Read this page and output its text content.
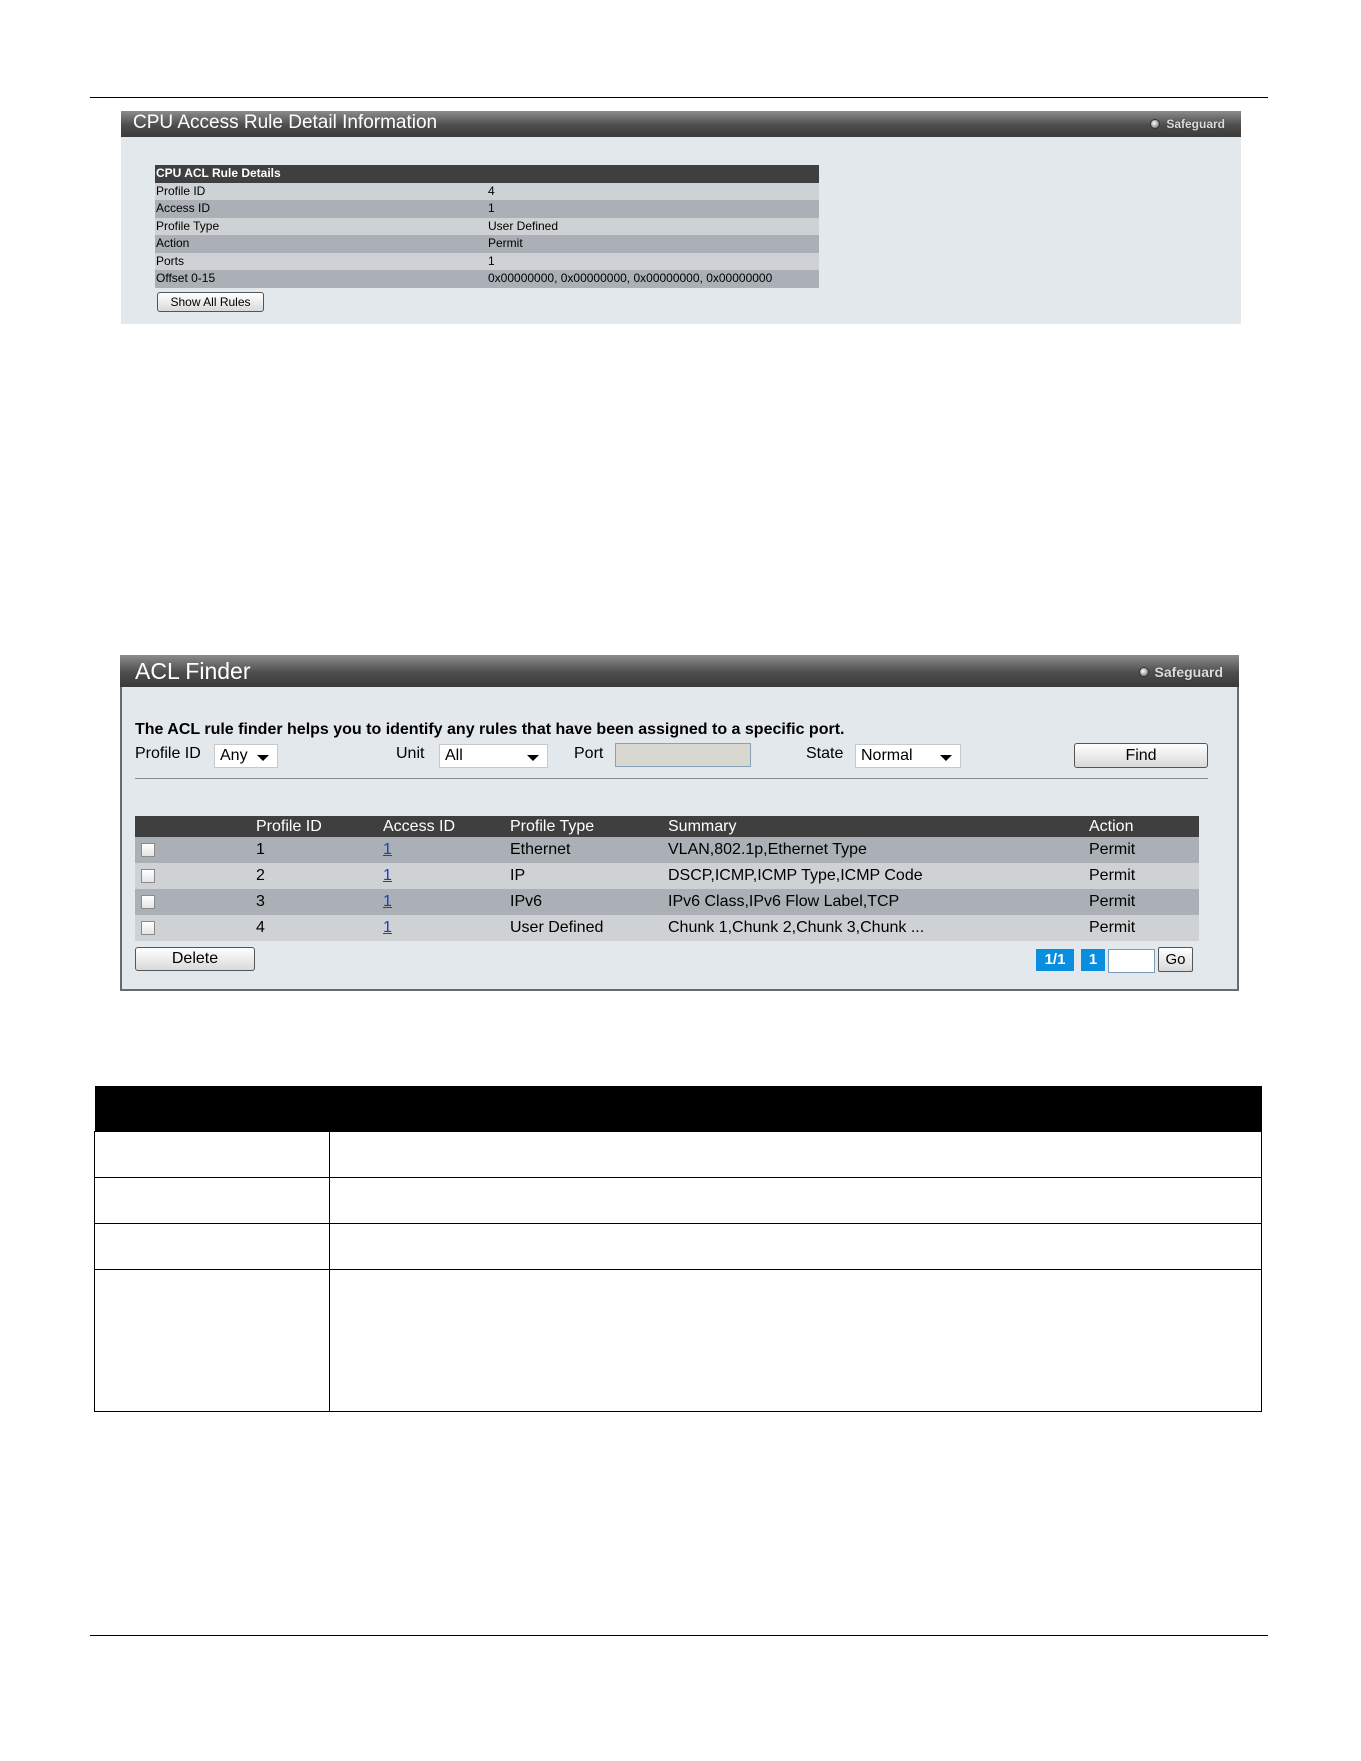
CPU Access Rule Detail Information	Safeguard
CPU ACL Rule Details	
Profile ID	4
Access ID	1
Profile Type	User Defined
Action	Permit
Ports	1
Offset 0-15	0x00000000, 0x00000000, 0x00000000, 0x00000000
Show All Rules
ACL Finder	Safeguard
The ACL rule finder helps you to identify any rules that have been assigned to a specific port.
Profile ID	Any	Unit	All	Port	State	Normal	Find
	Profile ID	Access ID	Profile Type	Summary	Action
	1	1	Ethernet	VLAN,802.1p,Ethernet Type	Permit
	2	1	IP	DSCP,ICMP,ICMP Type,ICMP Code	Permit
	3	1	IPv6	IPv6 Class,IPv6 Flow Label,TCP	Permit
	4	1	User Defined	Chunk 1,Chunk 2,Chunk 3,Chunk ...	Permit
Delete	1/1	1	Go
